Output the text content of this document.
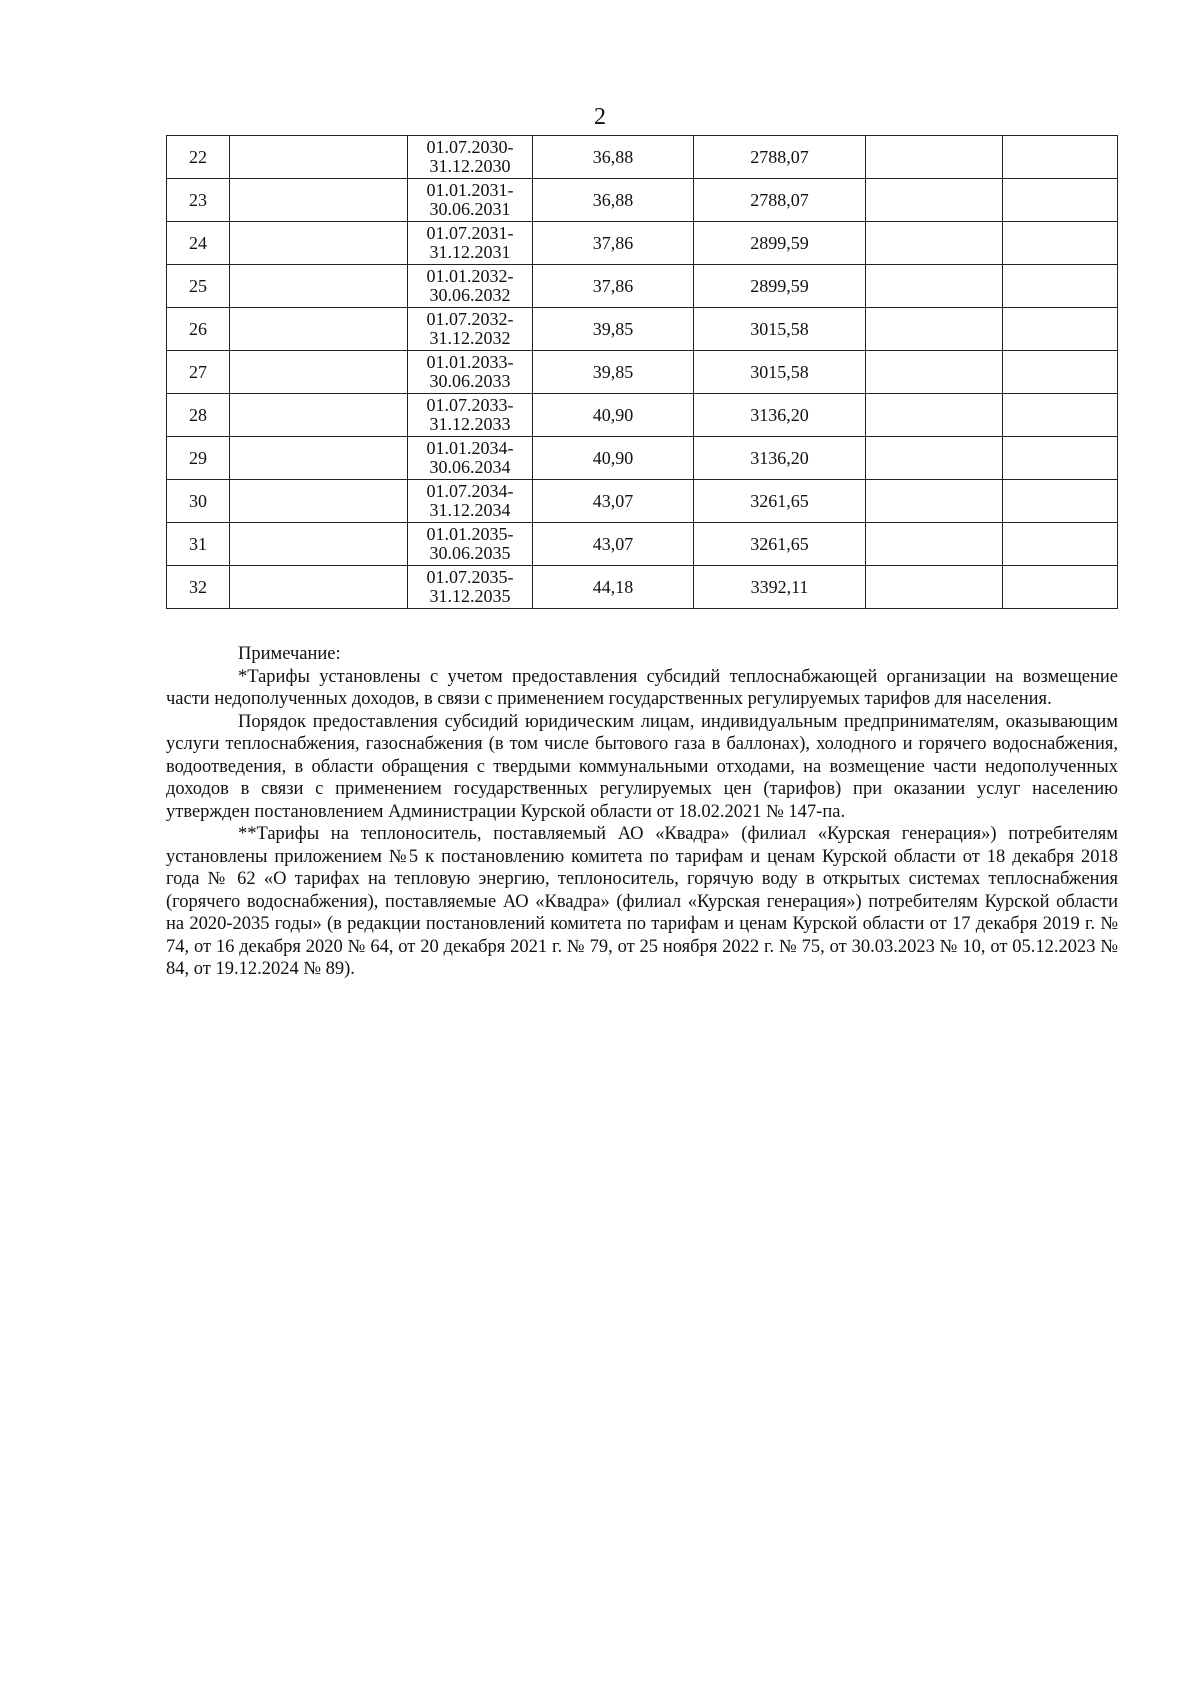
2
22		01.07.2030-
31.12.2030	36,88	2788,07		
23		01.01.2031-
30.06.2031	36,88	2788,07		
24		01.07.2031-
31.12.2031	37,86	2899,59		
25		01.01.2032-
30.06.2032	37,86	2899,59		
26		01.07.2032-
31.12.2032	39,85	3015,58		
27		01.01.2033-
30.06.2033	39,85	3015,58		
28		01.07.2033-
31.12.2033	40,90	3136,20		
29		01.01.2034-
30.06.2034	40,90	3136,20		
30		01.07.2034-
31.12.2034	43,07	3261,65		
31		01.01.2035-
30.06.2035	43,07	3261,65		
32		01.07.2035-
31.12.2035	44,18	3392,11		

Примечание:

*Тарифы установлены с учетом предоставления субсидий теплоснабжающей организации на возмещение части недополученных доходов, в связи с применением государственных регулируемых тарифов для населения.

Порядок предоставления субсидий юридическим лицам, индивидуальным предпринимателям, оказывающим услуги теплоснабжения, газоснабжения (в том числе бытового газа в баллонах), холодного и горячего водоснабжения, водоотведения, в области обращения с твердыми коммунальными отходами, на возмещение части недополученных доходов в связи с применением государственных регулируемых цен (тарифов) при оказании услуг населению утвержден постановлением Администрации Курской области от 18.02.2021 № 147-па.

**Тарифы на теплоноситель, поставляемый АО «Квадра» (филиал «Курская генерация») потребителям установлены приложением №5 к постановлению комитета по тарифам и ценам Курской области от 18 декабря 2018 года № 62 «О тарифах на тепловую энергию, теплоноситель, горячую воду в открытых системах теплоснабжения (горячего водоснабжения), поставляемые АО «Квадра» (филиал «Курская генерация») потребителям Курской области на 2020-2035 годы» (в редакции постановлений комитета по тарифам и ценам Курской области от 17 декабря 2019 г. № 74, от 16 декабря 2020 № 64, от 20 декабря 2021 г. № 79, от 25 ноября 2022 г. № 75, от 30.03.2023 № 10, от 05.12.2023 № 84, от 19.12.2024 № 89).
